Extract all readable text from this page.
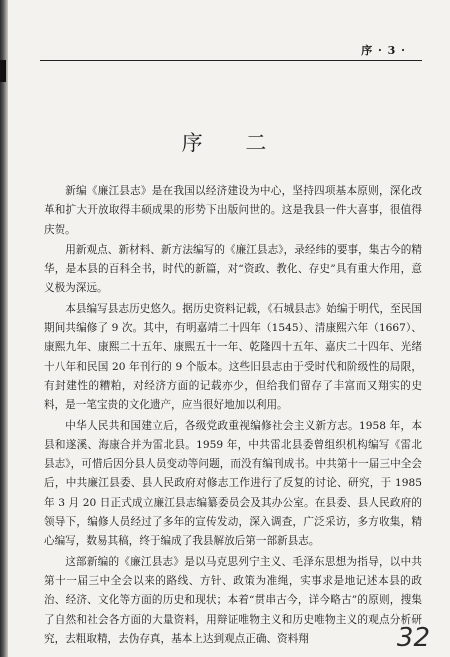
序 · 3 ·
序 二

新编《廉江县志》是在我国以经济建设为中心，坚持四项基本原则，深化改革和扩大开放取得丰硕成果的形势下出版问世的。这是我县一件大喜事，很值得庆贺。

用新观点、新材料、新方法编写的《廉江县志》，录经纬的要事，集古今的精华，是本县的百科全书，时代的新篇，对“资政、教化、存史”具有重大作用，意义极为深远。

本县编写县志历史悠久。据历史资料记载，《石城县志》始编于明代，至民国期间共编修了 9 次。其中，有明嘉靖二十四年（1545）、清康熙六年（1667）、康熙九年、康熙二十五年、康熙五十一年、乾隆四十五年、嘉庆二十四年、光绪十八年和民国 20 年刊行的 9 个版本。这些旧县志由于受时代和阶级性的局限，有封建性的糟粕，对经济方面的记载亦少，但给我们留存了丰富而又翔实的史料，是一笔宝贵的文化遗产，应当很好地加以利用。

中华人民共和国建立后，各级党政重视编修社会主义新方志。1958 年，本县和遂溪、海康合并为雷北县。1959 年，中共雷北县委曾组织机构编写《雷北县志》，可惜后因分县人员变动等问题，而没有编刊成书。中共第十一届三中全会后，中共廉江县委、县人民政府对修志工作进行了反复的讨论、研究，于 1985 年 3 月 20 日正式成立廉江县志编纂委员会及其办公室。在县委、县人民政府的领导下，编修人员经过了多年的宣传发动，深入调查，广泛采访，多方收集，精心编写，数易其稿，终于编成了我县解放后第一部新县志。

这部新编的《廉江县志》是以马克思列宁主义、毛泽东思想为指导，以中共第十一届三中全会以来的路线、方针、政策为准绳，实事求是地记述本县的政治、经济、文化等方面的历史和现状；本着“贯串古今，详今略古”的原则，搜集了自然和社会各方面的大量资料，用辩证唯物主义和历史唯物主义的观点分析研究，去粗取精，去伪存真，基本上达到观点正确、资料翔	32
